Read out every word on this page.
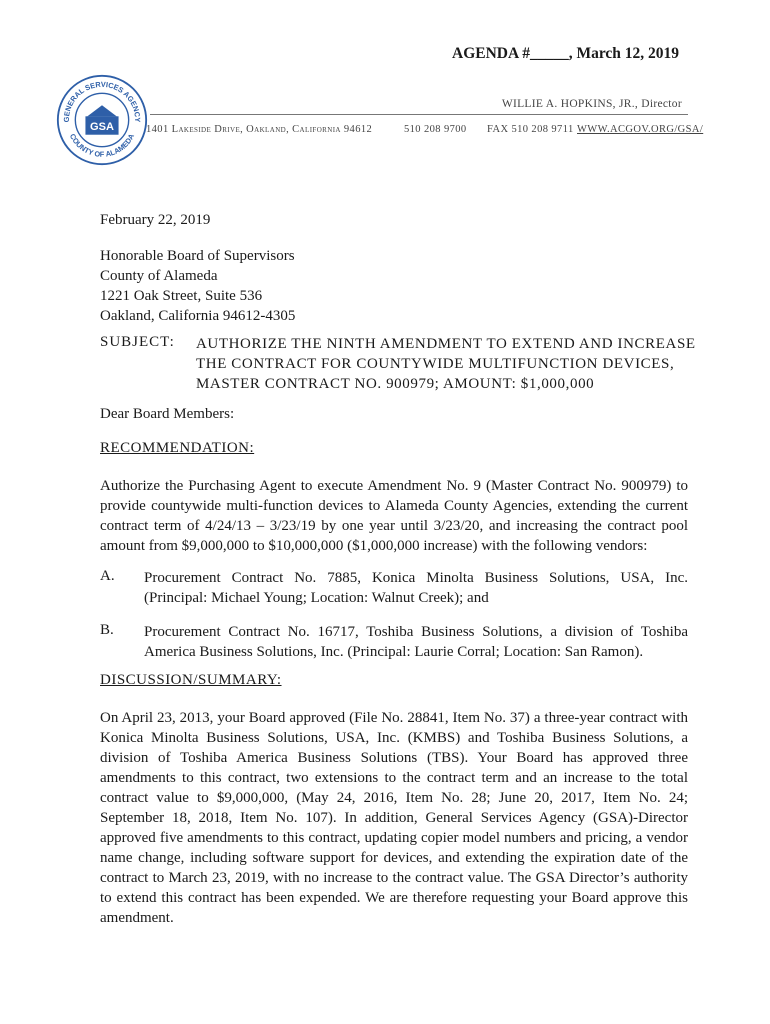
AGENDA #_____, March 12, 2019
GENERAL SERVICES AGENCY
COUNTY OF ALAMEDA
GSA
WILLIE A. HOPKINS, JR., Director
1401 Lakeside Drive, Oakland, California 94612	510 208 9700 FAX 510 208 9711 WWW.ACGOV.ORG/GSA/
February 22, 2019
Honorable Board of Supervisors
County of Alameda
1221 Oak Street, Suite 536
Oakland, California 94612-4305
SUBJECT: AUTHORIZE THE NINTH AMENDMENT TO EXTEND AND INCREASE THE CONTRACT FOR COUNTYWIDE MULTIFUNCTION DEVICES, MASTER CONTRACT NO. 900979; AMOUNT: $1,000,000
Dear Board Members:
RECOMMENDATION:
Authorize the Purchasing Agent to execute Amendment No. 9 (Master Contract No. 900979) to provide countywide multi-function devices to Alameda County Agencies, extending the current contract term of 4/24/13 – 3/23/19 by one year until 3/23/20, and increasing the contract pool amount from $9,000,000 to $10,000,000 ($1,000,000 increase) with the following vendors:
A. Procurement Contract No. 7885, Konica Minolta Business Solutions, USA, Inc. (Principal: Michael Young; Location: Walnut Creek); and
B. Procurement Contract No. 16717, Toshiba Business Solutions, a division of Toshiba America Business Solutions, Inc. (Principal: Laurie Corral; Location: San Ramon).
DISCUSSION/SUMMARY:
On April 23, 2013, your Board approved (File No. 28841, Item No. 37) a three-year contract with Konica Minolta Business Solutions, USA, Inc. (KMBS) and Toshiba Business Solutions, a division of Toshiba America Business Solutions (TBS). Your Board has approved three amendments to this contract, two extensions to the contract term and an increase to the total contract value to $9,000,000, (May 24, 2016, Item No. 28; June 20, 2017, Item No. 24; September 18, 2018, Item No. 107). In addition, General Services Agency (GSA)-Director approved five amendments to this contract, updating copier model numbers and pricing, a vendor name change, including software support for devices, and extending the expiration date of the contract to March 23, 2019, with no increase to the contract value. The GSA Director’s authority to extend this contract has been expended. We are therefore requesting your Board approve this amendment.
